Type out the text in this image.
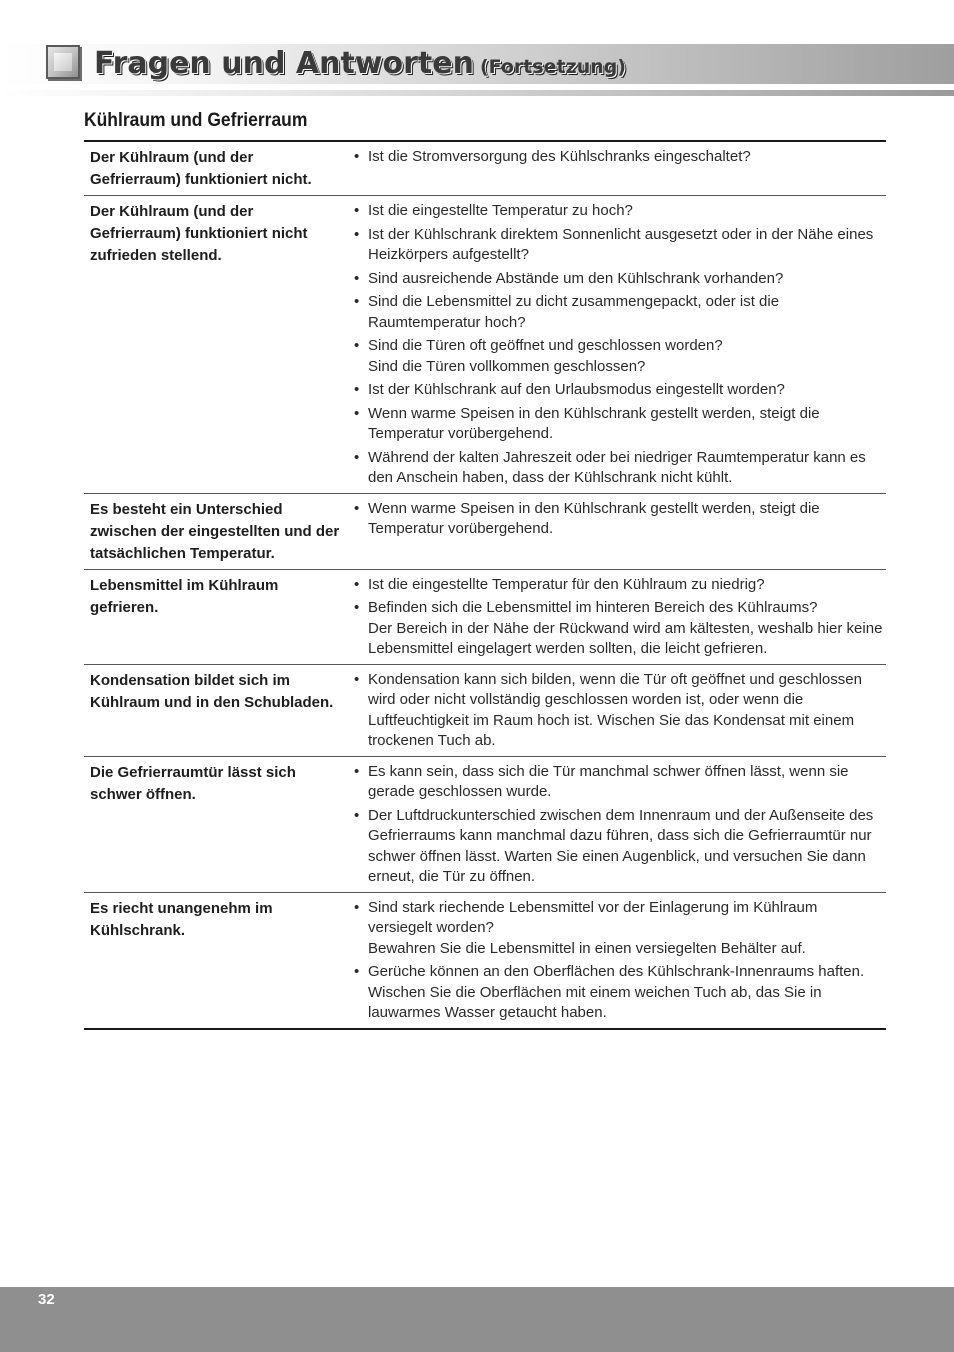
Fragen und Antworten (Fortsetzung)
Kühlraum und Gefrierraum
Der Kühlraum (und der Gefrierraum) funktioniert nicht.
• Ist die Stromversorgung des Kühlschranks eingeschaltet?
Der Kühlraum (und der Gefrierraum) funktioniert nicht zufrieden stellend.
• Ist die eingestellte Temperatur zu hoch?
• Ist der Kühlschrank direktem Sonnenlicht ausgesetzt oder in der Nähe eines Heizkörpers aufgestellt?
• Sind ausreichende Abstände um den Kühlschrank vorhanden?
• Sind die Lebensmittel zu dicht zusammengepackt, oder ist die Raumtemperatur hoch?
• Sind die Türen oft geöffnet und geschlossen worden?
Sind die Türen vollkommen geschlossen?
• Ist der Kühlschrank auf den Urlaubsmodus eingestellt worden?
• Wenn warme Speisen in den Kühlschrank gestellt werden, steigt die Temperatur vorübergehend.
• Während der kalten Jahreszeit oder bei niedriger Raumtemperatur kann es den Anschein haben, dass der Kühlschrank nicht kühlt.
Es besteht ein Unterschied zwischen der eingestellten und der tatsächlichen Temperatur.
• Wenn warme Speisen in den Kühlschrank gestellt werden, steigt die Temperatur vorübergehend.
Lebensmittel im Kühlraum gefrieren.
• Ist die eingestellte Temperatur für den Kühlraum zu niedrig?
• Befinden sich die Lebensmittel im hinteren Bereich des Kühlraums?
Der Bereich in der Nähe der Rückwand wird am kältesten, weshalb hier keine Lebensmittel eingelagert werden sollten, die leicht gefrieren.
Kondensation bildet sich im Kühlraum und in den Schubladen.
• Kondensation kann sich bilden, wenn die Tür oft geöffnet und geschlossen wird oder nicht vollständig geschlossen worden ist, oder wenn die Luftfeuchtigkeit im Raum hoch ist. Wischen Sie das Kondensat mit einem trockenen Tuch ab.
Die Gefrierraumtür lässt sich schwer öffnen.
• Es kann sein, dass sich die Tür manchmal schwer öffnen lässt, wenn sie gerade geschlossen wurde.
• Der Luftdruckunterschied zwischen dem Innenraum und der Außenseite des Gefrierraums kann manchmal dazu führen, dass sich die Gefrierraumtür nur schwer öffnen lässt. Warten Sie einen Augenblick, und versuchen Sie dann erneut, die Tür zu öffnen.
Es riecht unangenehm im Kühlschrank.
• Sind stark riechende Lebensmittel vor der Einlagerung im Kühlraum versiegelt worden?
Bewahren Sie die Lebensmittel in einen versiegelten Behälter auf.
• Gerüche können an den Oberflächen des Kühlschrank-Innenraums haften. Wischen Sie die Oberflächen mit einem weichen Tuch ab, das Sie in lauwarmes Wasser getaucht haben.
32
